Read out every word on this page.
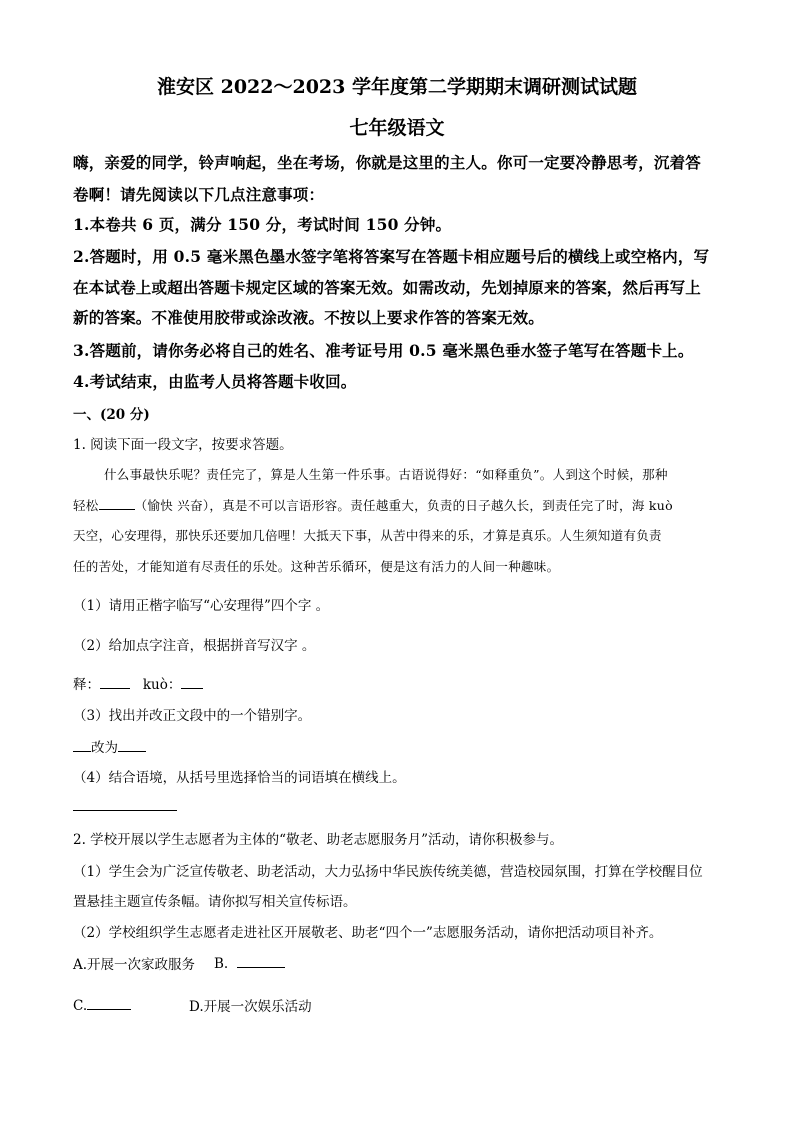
淮安区 2022～2023 学年度第二学期期末调研测试试题
七年级语文
嗨，亲爱的同学，铃声响起，坐在考场，你就是这里的主人。你可一定要冷静思考，沉着答
卷啊！请先阅读以下几点注意事项：
1.本卷共 6 页，满分 150 分，考试时间 150 分钟。
2.答题时，用 0.5 毫米黑色墨水签字笔将答案写在答题卡相应题号后的横线上或空格内，写
在本试卷上或超出答题卡规定区域的答案无效。如需改动，先划掉原来的答案，然后再写上
新的答案。不准使用胶带或涂改液。不按以上要求作答的答案无效。
3.答题前，请你务必将自己的姓名、准考证号用 0.5 毫米黑色垂水签子笔写在答题卡上。
4.考试结束，由监考人员将答题卡收回。
一、(20 分)
1. 阅读下面一段文字，按要求答题。
什么事最快乐呢？责任完了，算是人生第一件乐事。古语说得好：“如释重负”。人到这个时候，那种
轻松	（愉快 兴奋），真是不可以言语形容。责任越重大，负责的日子越久长，到责任完了时，海 kuò
天空，心安理得，那快乐还要加几倍哩！大抵天下事，从苦中得来的乐，才算是真乐。人生须知道有负责
任的苦处，才能知道有尽责任的乐处。这种苦乐循环，便是这有活力的人间一种趣味。
（1）请用正楷字临写“心安理得”四个字 。
（2）给加点字注音，根据拼音写汉字 。
释：	kuò：
（3）找出并改正文段中的一个错别字。
改为
（4）结合语境，从括号里选择恰当的词语填在横线上。
2. 学校开展以学生志愿者为主体的“敬老、助老志愿服务月”活动，请你积极参与。
（1）学生会为广泛宣传敬老、助老活动，大力弘扬中华民族传统美德，营造校园氛围，打算在学校醒目位
置悬挂主题宣传条幅。请你拟写相关宣传标语。
（2）学校组织学生志愿者走进社区开展敬老、助老“四个一”志愿服务活动，请你把活动项目补齐。
A.开展一次家政服务 B.
C.	D.开展一次娱乐活动
